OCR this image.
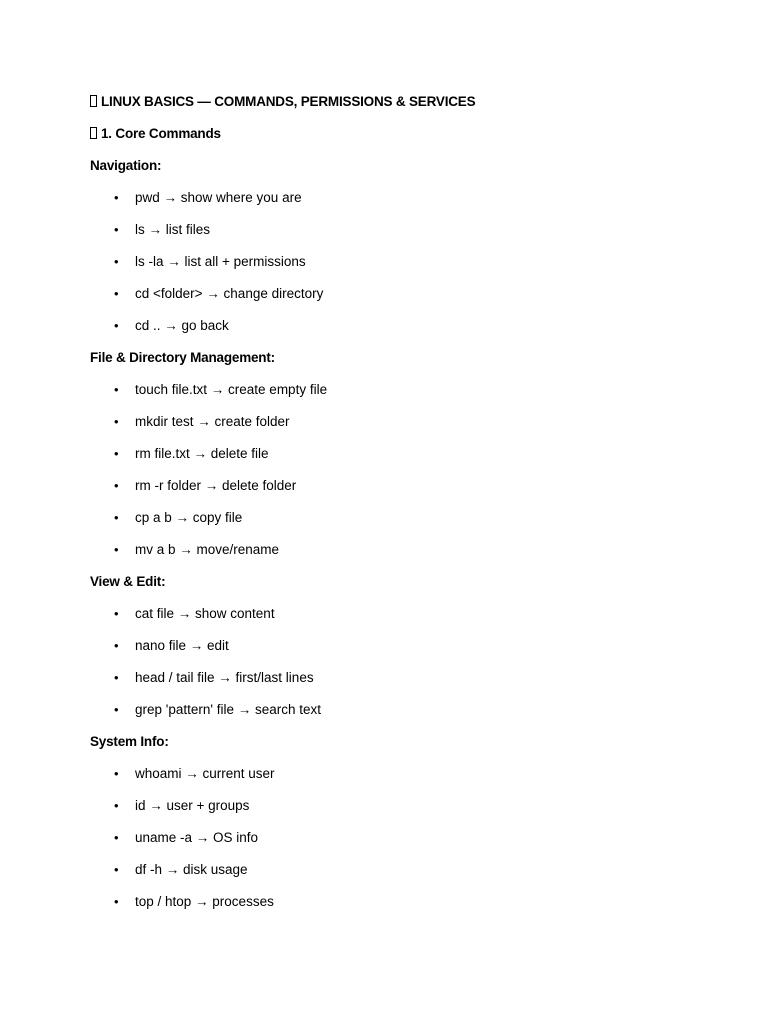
LINUX BASICS — COMMANDS, PERMISSIONS & SERVICES
1. Core Commands
Navigation:
• pwd → show where you are
• ls → list files
• ls -la → list all + permissions
• cd <folder> → change directory
• cd .. → go back
File & Directory Management:
• touch file.txt → create empty file
• mkdir test → create folder
• rm file.txt → delete file
• rm -r folder → delete folder
• cp a b → copy file
• mv a b → move/rename
View & Edit:
• cat file → show content
• nano file → edit
• head / tail file → first/last lines
• grep 'pattern' file → search text
System Info:
• whoami → current user
• id → user + groups
• uname -a → OS info
• df -h → disk usage
• top / htop → processes
